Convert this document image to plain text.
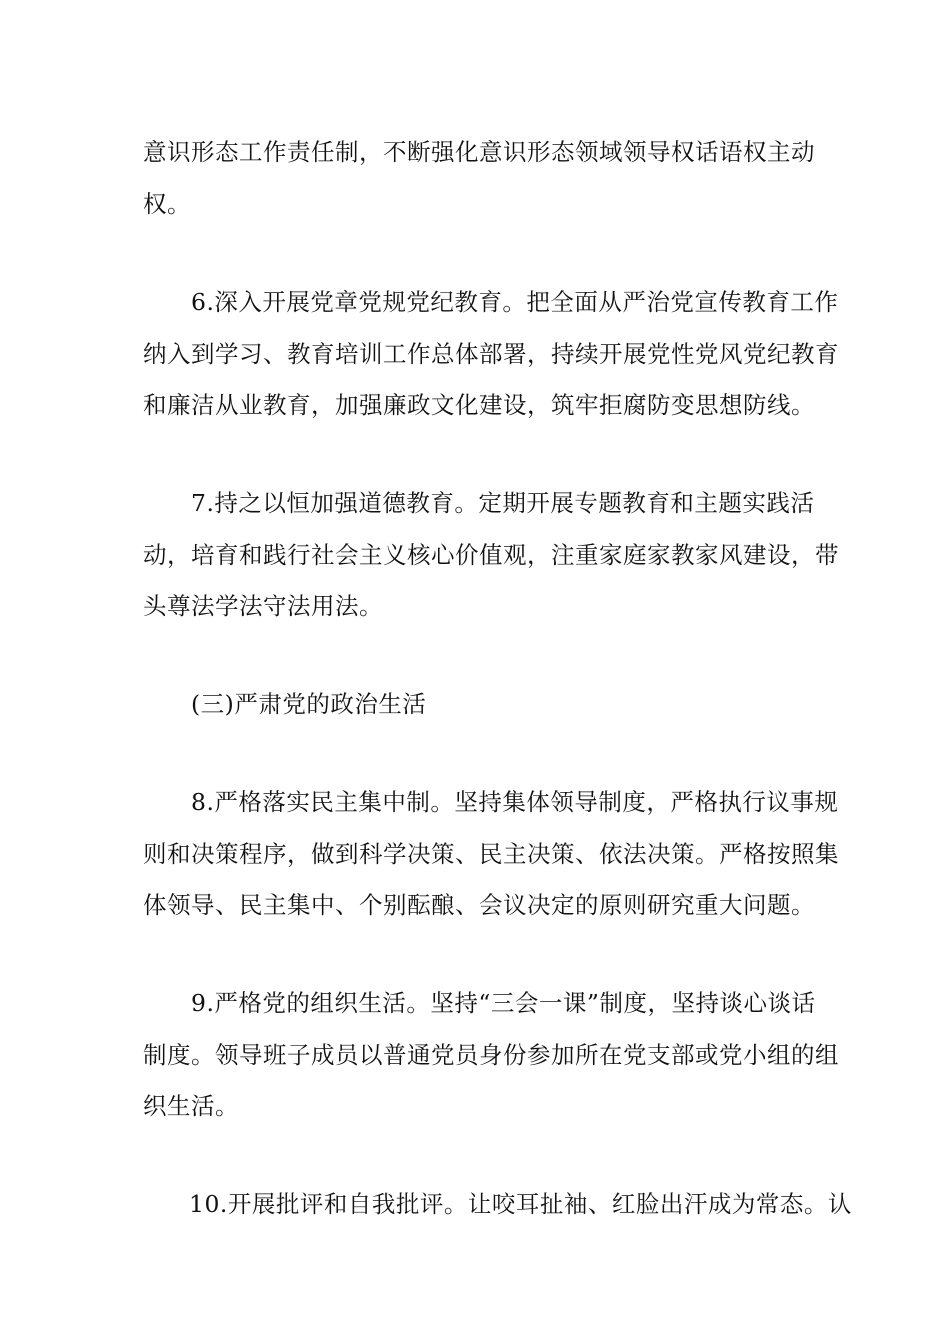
意识形态工作责任制，不断强化意识形态领域领导权话语权主动
权。
6.深入开展党章党规党纪教育。把全面从严治党宣传教育工作
纳入到学习、教育培训工作总体部署，持续开展党性党风党纪教育
和廉洁从业教育，加强廉政文化建设，筑牢拒腐防变思想防线。
7.持之以恒加强道德教育。定期开展专题教育和主题实践活
动，培育和践行社会主义核心价值观，注重家庭家教家风建设，带
头尊法学法守法用法。
(三)严肃党的政治生活
8.严格落实民主集中制。坚持集体领导制度，严格执行议事规
则和决策程序，做到科学决策、民主决策、依法决策。严格按照集
体领导、民主集中、个别酝酿、会议决定的原则研究重大问题。
9.严格党的组织生活。坚持“三会一课”制度，坚持谈心谈话
制度。领导班子成员以普通党员身份参加所在党支部或党小组的组
织生活。
10.开展批评和自我批评。让咬耳扯袖、红脸出汗成为常态。认
